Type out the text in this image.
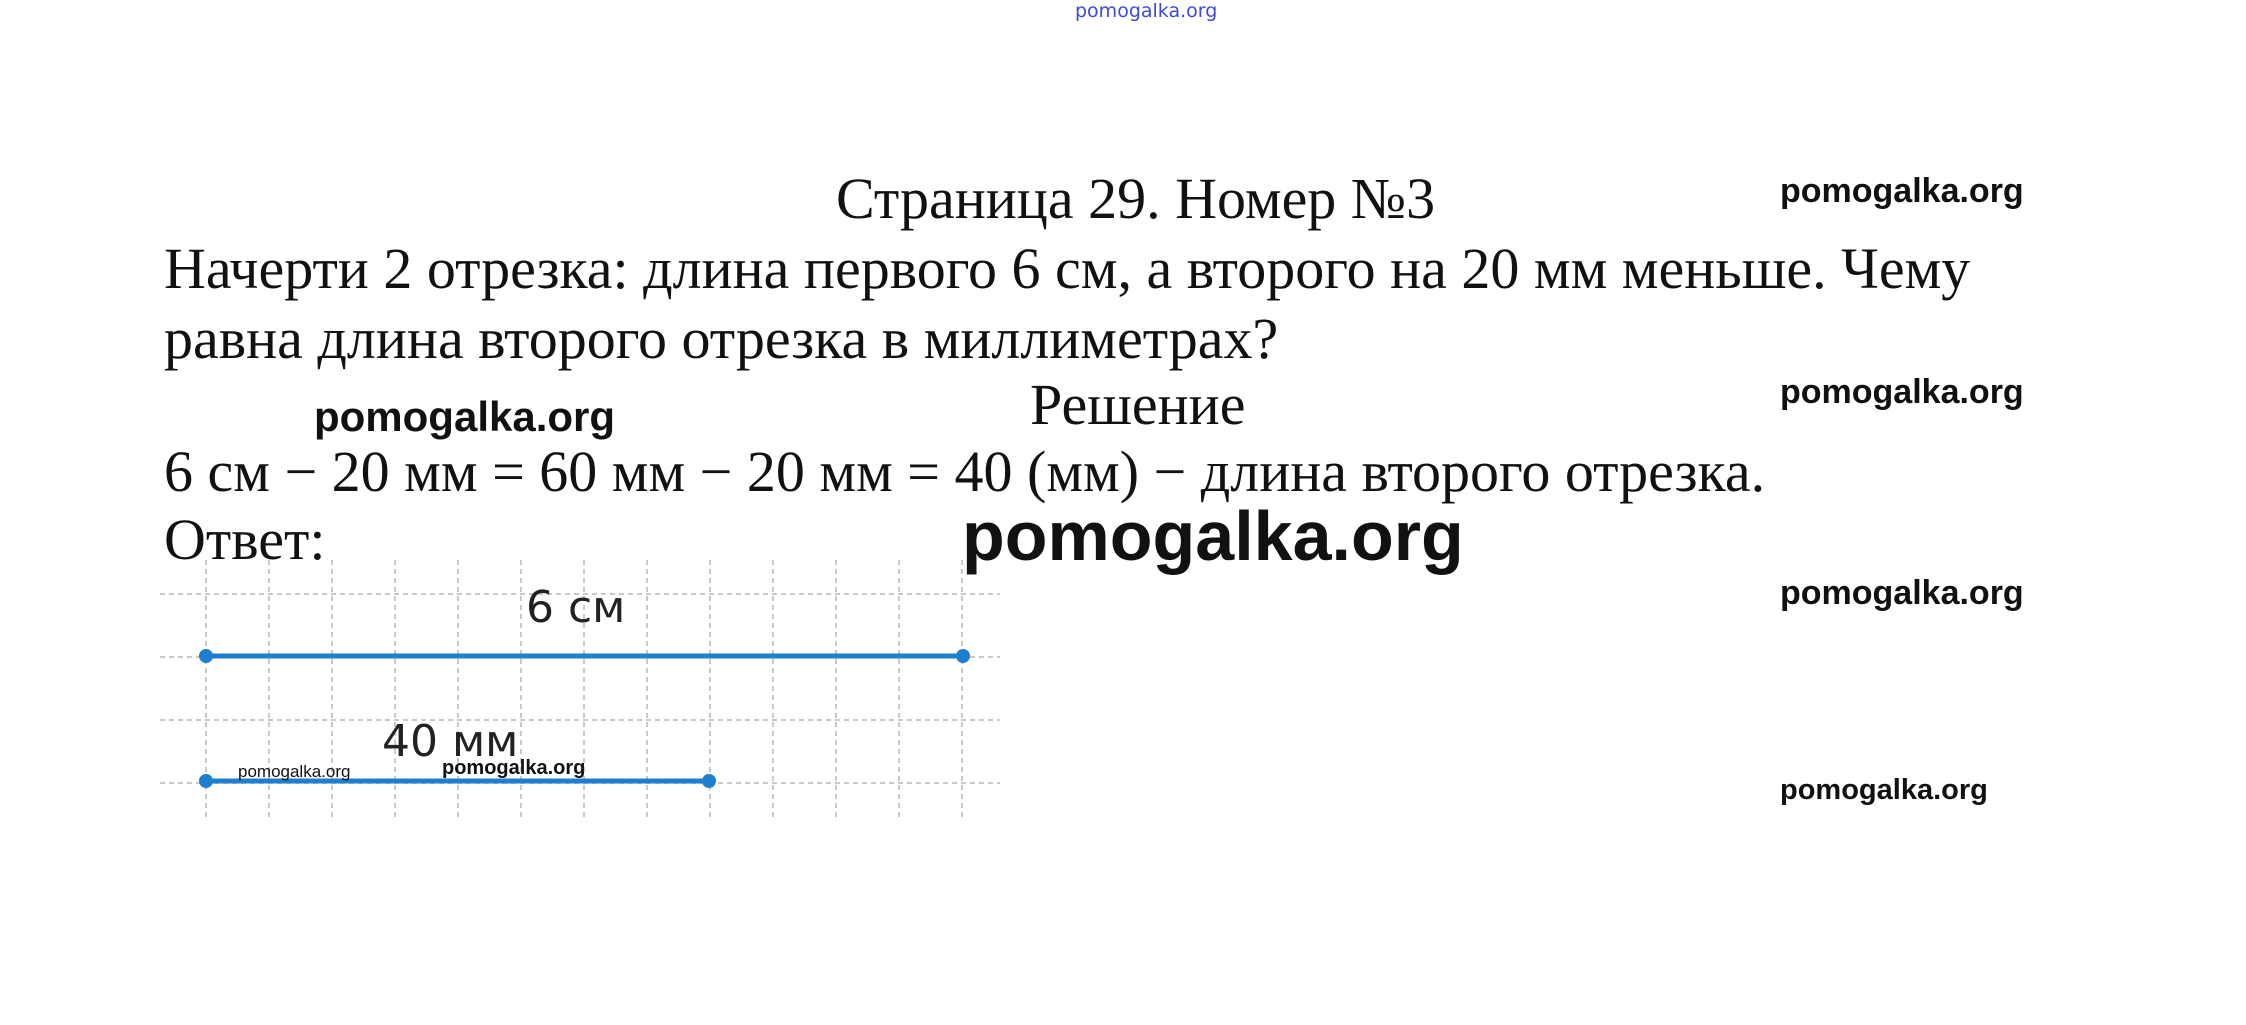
pomogalka.org
Страница 29. Номер №3
Начерти 2 отрезка: длина первого 6 см, а второго на 20 мм меньше. Чему равна длина второго отрезка в миллиметрах?
Решение
6 см − 20 мм = 60 мм − 20 мм = 40 (мм) − длина второго отрезка.
Ответ:
6 см
40 мм
pomogalka.org
pomogalka.org
pomogalka.org
pomogalka.org
pomogalka.org
pomogalka.org
pomogalka.org	pomogalka.org
